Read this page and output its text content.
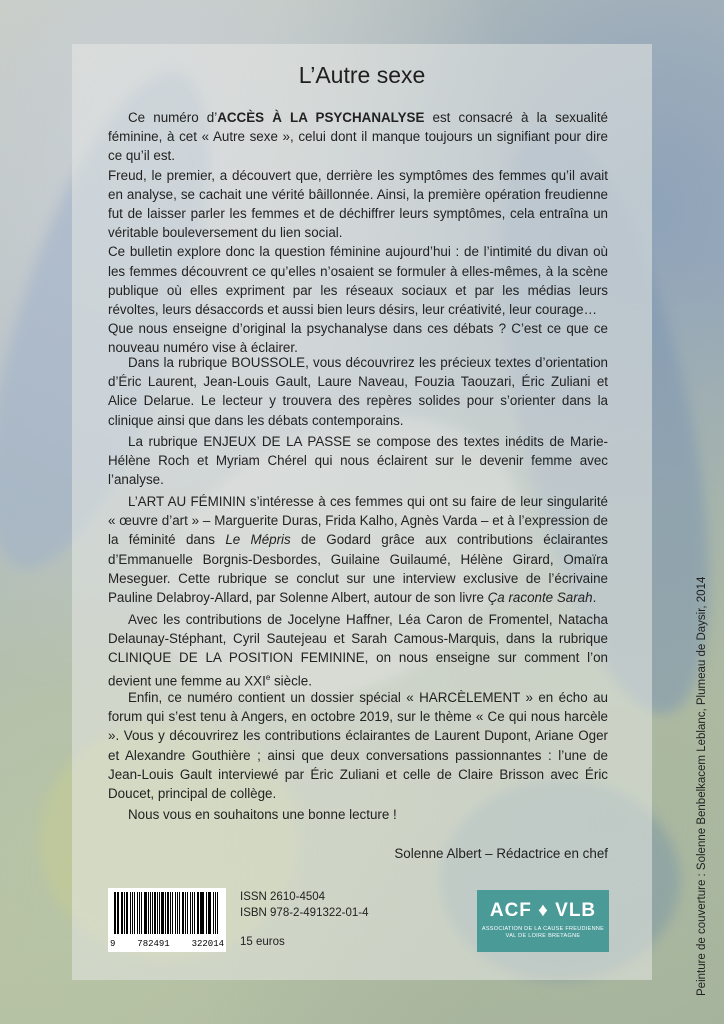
L’Autre sexe
Ce numéro d’ACCÈS À LA PSYCHANALYSE est consacré à la sexualité féminine, à cet « Autre sexe », celui dont il manque toujours un signifiant pour dire ce qu’il est.
Freud, le premier, a découvert que, derrière les symptômes des femmes qu’il avait en analyse, se cachait une vérité bâillonnée. Ainsi, la première opération freudienne fut de laisser parler les femmes et de déchiffrer leurs symptômes, cela entraîna un véritable bouleversement du lien social.
Ce bulletin explore donc la question féminine aujourd’hui : de l’intimité du divan où les femmes découvrent ce qu’elles n’osaient se formuler à elles-mêmes, à la scène publique où elles expriment par les réseaux sociaux et par les médias leurs révoltes, leurs désaccords et aussi bien leurs désirs, leur créativité, leur courage…
Que nous enseigne d’original la psychanalyse dans ces débats ? C’est ce que ce nouveau numéro vise à éclairer.

Dans la rubrique BOUSSOLE, vous découvrirez les précieux textes d’orientation d’Éric Laurent, Jean-Louis Gault, Laure Naveau, Fouzia Taouzari, Éric Zuliani et Alice Delarue. Le lecteur y trouvera des repères solides pour s’orienter dans la clinique ainsi que dans les débats contemporains.

La rubrique ENJEUX DE LA PASSE se compose des textes inédits de Marie-Hélène Roch et Myriam Chérel qui nous éclairent sur le devenir femme avec l’analyse.

L’ART AU FÉMININ s’intéresse à ces femmes qui ont su faire de leur singularité « œuvre d’art » – Marguerite Duras, Frida Kalho, Agnès Varda – et à l’expression de la féminité dans Le Mépris de Godard grâce aux contributions éclairantes d’Emmanuelle Borgnis-Desbordes, Guilaine Guilaumé, Hélène Girard, Omaïra Meseguer. Cette rubrique se conclut sur une interview exclusive de l’écrivaine Pauline Delabroy-Allard, par Solenne Albert, autour de son livre Ça raconte Sarah.

Avec les contributions de Jocelyne Haffner, Léa Caron de Fromentel, Natacha Delaunay-Stéphant, Cyril Sautejeau et Sarah Camous-Marquis, dans la rubrique CLINIQUE DE LA POSITION FEMININE, on nous enseigne sur comment l’on devient une femme au XXIe siècle.

Enfin, ce numéro contient un dossier spécial « HARCÈLEMENT » en écho au forum qui s’est tenu à Angers, en octobre 2019, sur le thème « Ce qui nous harcèle ». Vous y découvrirez les contributions éclairantes de Laurent Dupont, Ariane Oger et Alexandre Gouthière ; ainsi que deux conversations passionnantes : l’une de Jean-Louis Gault interviewé par Éric Zuliani et celle de Claire Brisson avec Éric Doucet, principal de collège.

Nous vous en souhaitons une bonne lecture !

Solenne Albert – Rédactrice en chef
9 782491 322014
ISSN 2610-4504
ISBN 978-2-491322-01-4
15 euros
ACF ♦ VLB
ASSOCIATION DE LA CAUSE FREUDIENNE
VAL DE LOIRE BRETAGNE	Peinture de couverture : Solenne Benbelkacem Leblanc, Plumeau de Daysir, 2014
